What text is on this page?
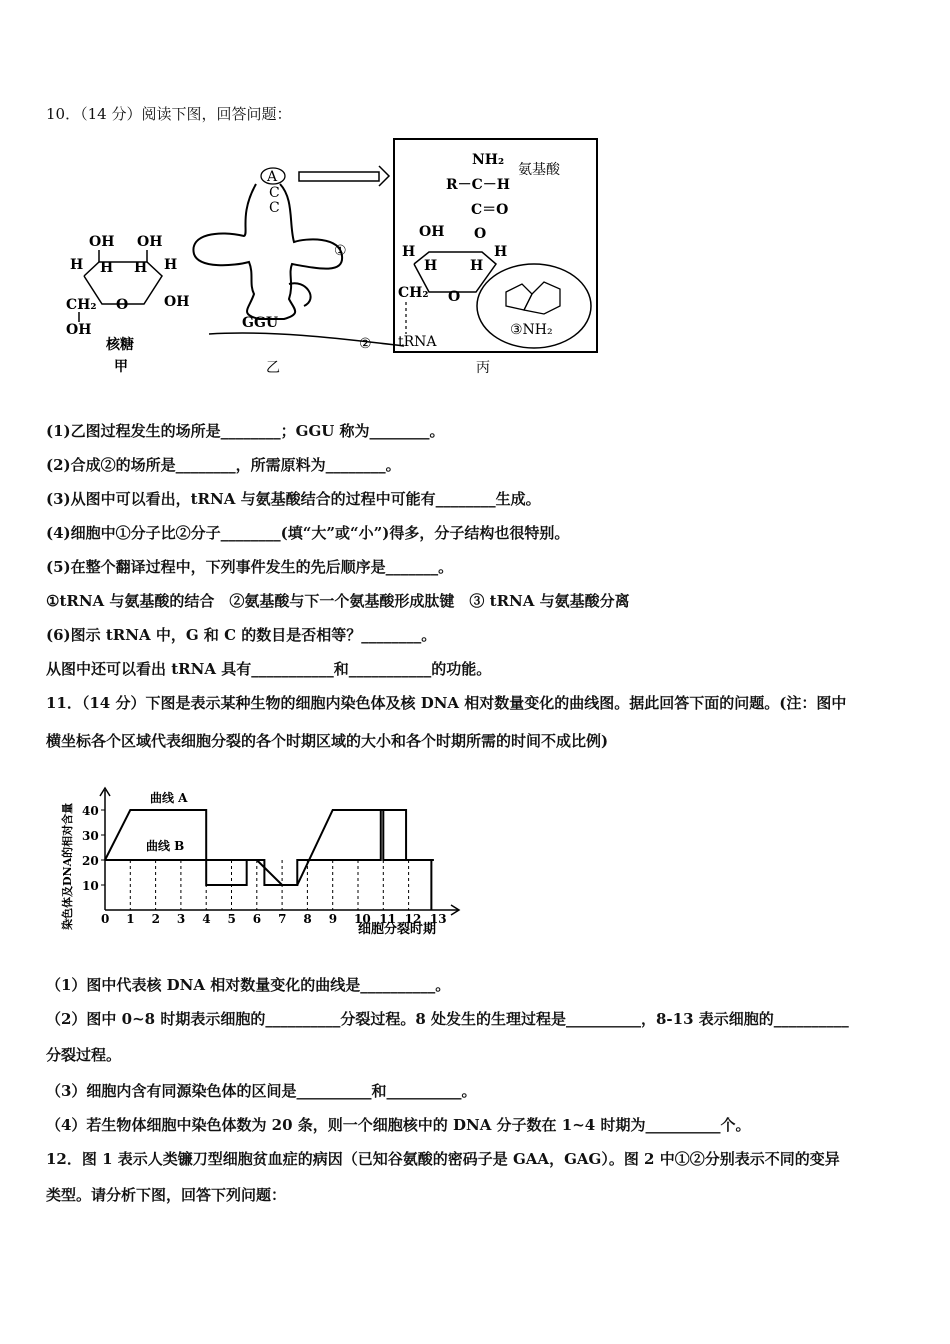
10．（14 分）阅读下图，回答问题：
OH OH
H H H H
CH₂ O	OH
OH
核糖
甲
A
C
C
①
GGU
②
乙
NH₂
氨基酸
R－C－H
C＝O
O
OH
H
H H
H
CH₂ O
tRNA
③NH₂
丙
(1)乙图过程发生的场所是________；GGU 称为________。
(2)合成②的场所是________，所需原料为________。
(3)从图中可以看出，tRNA 与氨基酸结合的过程中可能有________生成。
(4)细胞中①分子比②分子________(填“大”或“小”)得多，分子结构也很特别。
(5)在整个翻译过程中，下列事件发生的先后顺序是_______。
①tRNA 与氨基酸的结合　②氨基酸与下一个氨基酸形成肽键　③ tRNA 与氨基酸分离
(6)图示 tRNA 中，G 和 C 的数目是否相等？________。
从图中还可以看出 tRNA 具有___________和___________的功能。
11．（14 分）下图是表示某种生物的细胞内染色体及核 DNA 相对数量变化的曲线图。据此回答下面的问题。(注：图中
横坐标各个区域代表细胞分裂的各个时期区域的大小和各个时期所需的时间不成比例)
染色体及DNA的相对含量 0 1 2 3 4 5 6 7 8 9 10 11 12 13
10
20
30
40
曲线 A
曲线 B
细胞分裂时期
（1）图中代表核 DNA 相对数量变化的曲线是__________。
（2）图中 0~8 时期表示细胞的__________分裂过程。8 处发生的生理过程是__________，8-13 表示细胞的__________
分裂过程。
（3）细胞内含有同源染色体的区间是__________和__________。
（4）若生物体细胞中染色体数为 20 条，则一个细胞核中的 DNA 分子数在 1~4 时期为__________个。
12．图 1 表示人类镰刀型细胞贫血症的病因（已知谷氨酸的密码子是 GAA，GAG）。图 2 中①②分别表示不同的变异
类型。请分析下图，回答下列问题：
